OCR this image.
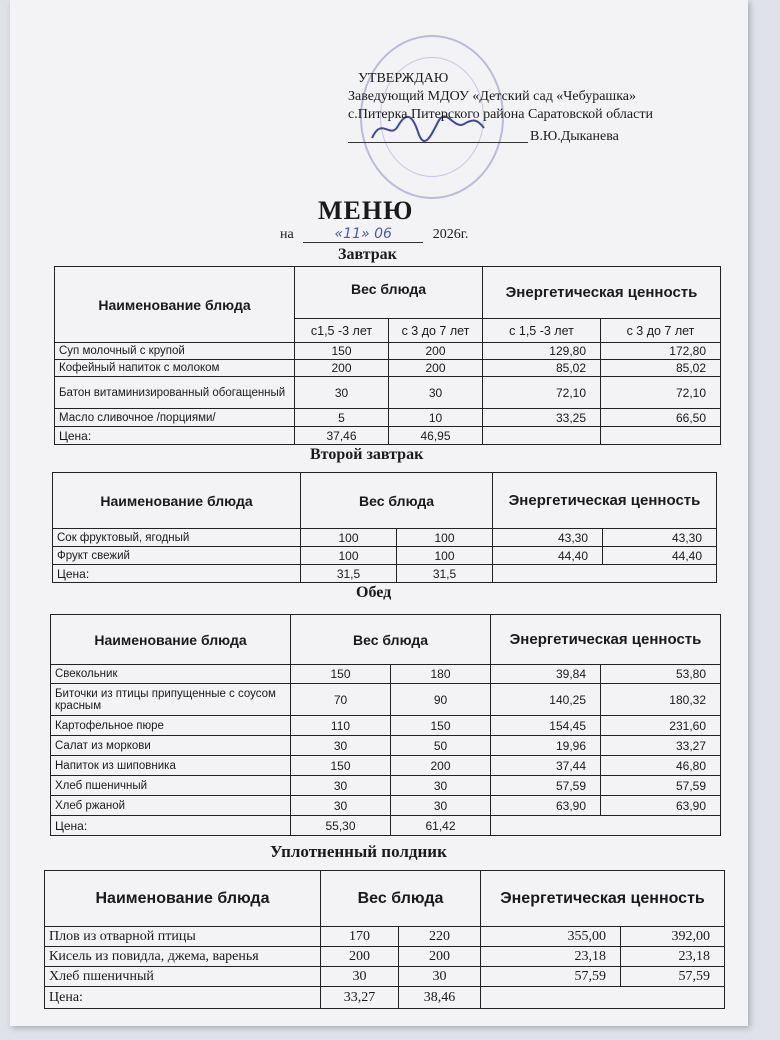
УТВЕРЖДАЮ
Заведующий МДОУ «Детский сад «Чебурашка»
с.Питерка Питерского района Саратовской области
В.Ю.Дыканева
МЕНЮ
на	«11» 06	2026г.
Завтрак
Наименование блюда	Вес блюда		Энергетическая ценность	
	с1,5 -3 лет	с 3 до 7 лет	с 1,5 -3 лет	с 3 до 7 лет
Суп молочный с крупой	150	200	129,80	172,80
Кофейный напиток с молоком	200	200	85,02	85,02
Батон витаминизированный обогащенный	30	30	72,10	72,10
Масло сливочное /порциями/	5	10	33,25	66,50
Цена:	37,46	46,95		
Второй завтрак
Наименование блюда	Вес блюда		Энергетическая ценность	
Сок фруктовый, ягодный	100	100	43,30	43,30
Фрукт свежий	100	100	44,40	44,40
Цена:	31,5	31,5		
Обед
Наименование блюда	Вес блюда		Энергетическая ценность	
Свекольник	150	180	39,84	53,80
Биточки из птицы припущенные с соусом красным	70	90	140,25	180,32
Картофельное пюре	110	150	154,45	231,60
Салат из моркови	30	50	19,96	33,27
Напиток из шиповника	150	200	37,44	46,80
Хлеб пшеничный	30	30	57,59	57,59
Хлеб ржаной	30	30	63,90	63,90
Цена:	55,30	61,42		
Уплотненный полдник
Наименование блюда	Вес блюда		Энергетическая ценность	
Плов из отварной птицы	170	220	355,00	392,00
Кисель из повидла, джема, варенья	200	200	23,18	23,18
Хлеб пшеничный	30	30	57,59	57,59
Цена:	33,27	38,46		
